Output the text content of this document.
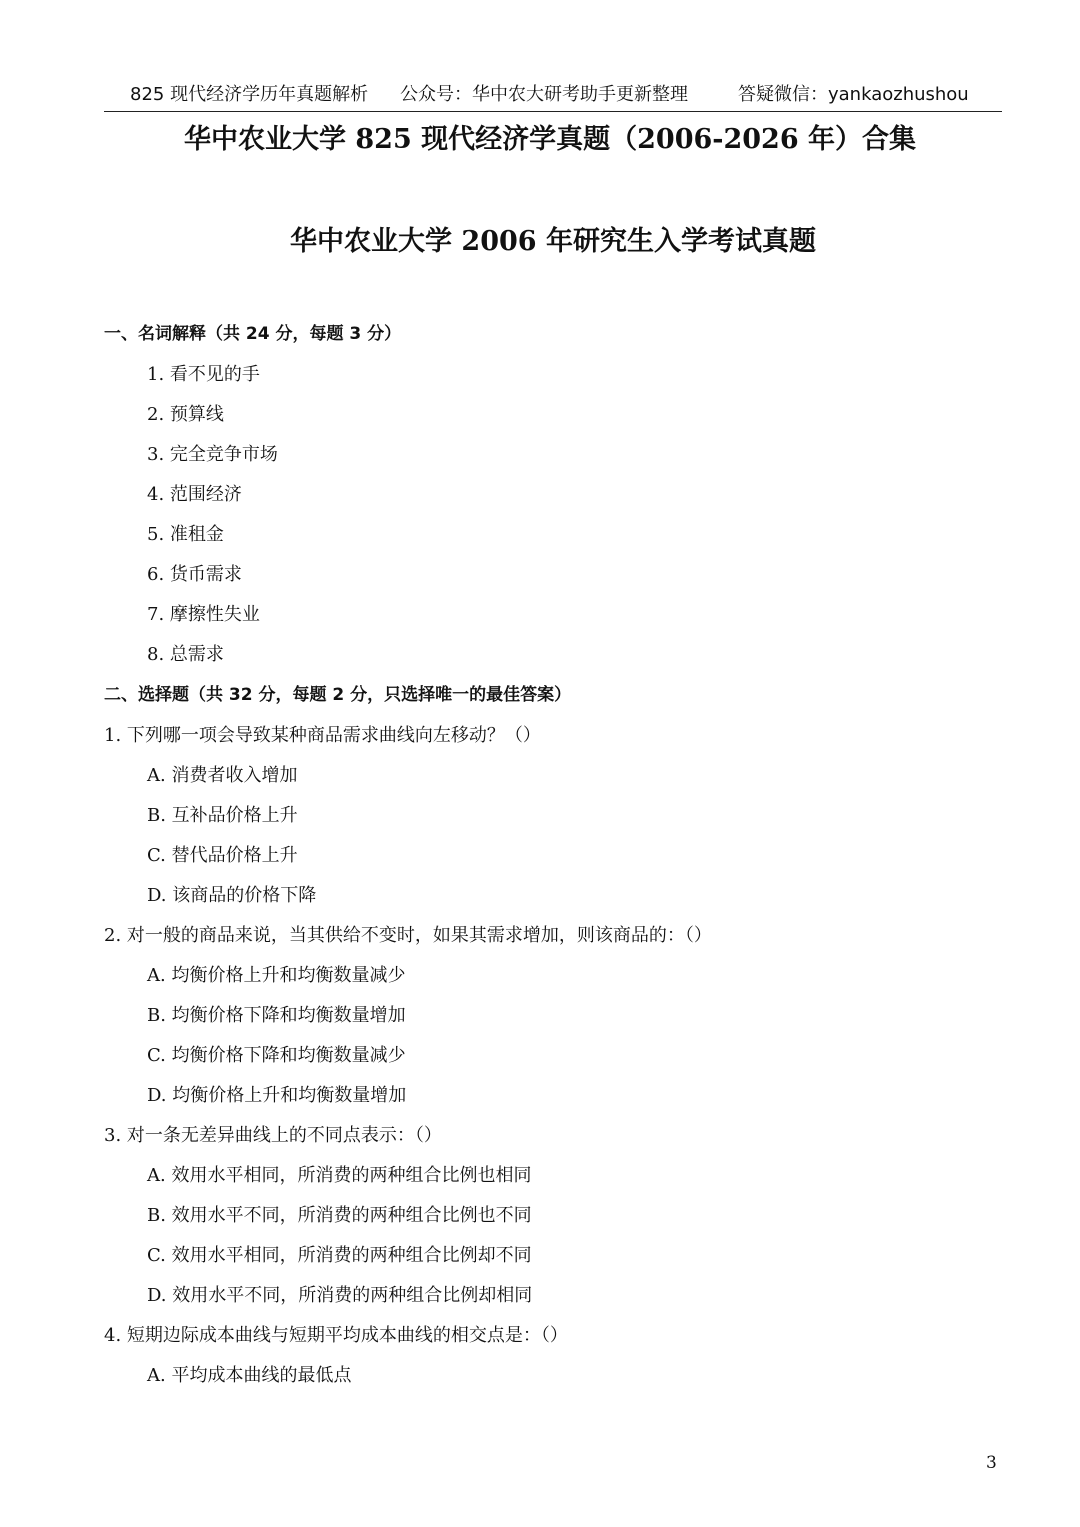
825 现代经济学历年真题解析 公众号：华中农大研考助手更新整理	答疑微信：yankaozhushou
华中农业大学 825 现代经济学真题（2006-2026 年）合集
华中农业大学 2006 年研究生入学考试真题
一、名词解释（共 24 分，每题 3 分）
1. 看不见的手
2. 预算线
3. 完全竞争市场
4. 范围经济
5. 准租金
6. 货币需求
7. 摩擦性失业
8. 总需求
二、选择题（共 32 分，每题 2 分，只选择唯一的最佳答案）
1. 下列哪一项会导致某种商品需求曲线向左移动？（）
A. 消费者收入增加
B. 互补品价格上升
C. 替代品价格上升
D. 该商品的价格下降
2. 对一般的商品来说，当其供给不变时，如果其需求增加，则该商品的：（）
A. 均衡价格上升和均衡数量减少
B. 均衡价格下降和均衡数量增加
C. 均衡价格下降和均衡数量减少
D. 均衡价格上升和均衡数量增加
3. 对一条无差异曲线上的不同点表示：（）
A. 效用水平相同，所消费的两种组合比例也相同
B. 效用水平不同，所消费的两种组合比例也不同
C. 效用水平相同，所消费的两种组合比例却不同
D. 效用水平不同，所消费的两种组合比例却相同
4. 短期边际成本曲线与短期平均成本曲线的相交点是：（）
A. 平均成本曲线的最低点
3
